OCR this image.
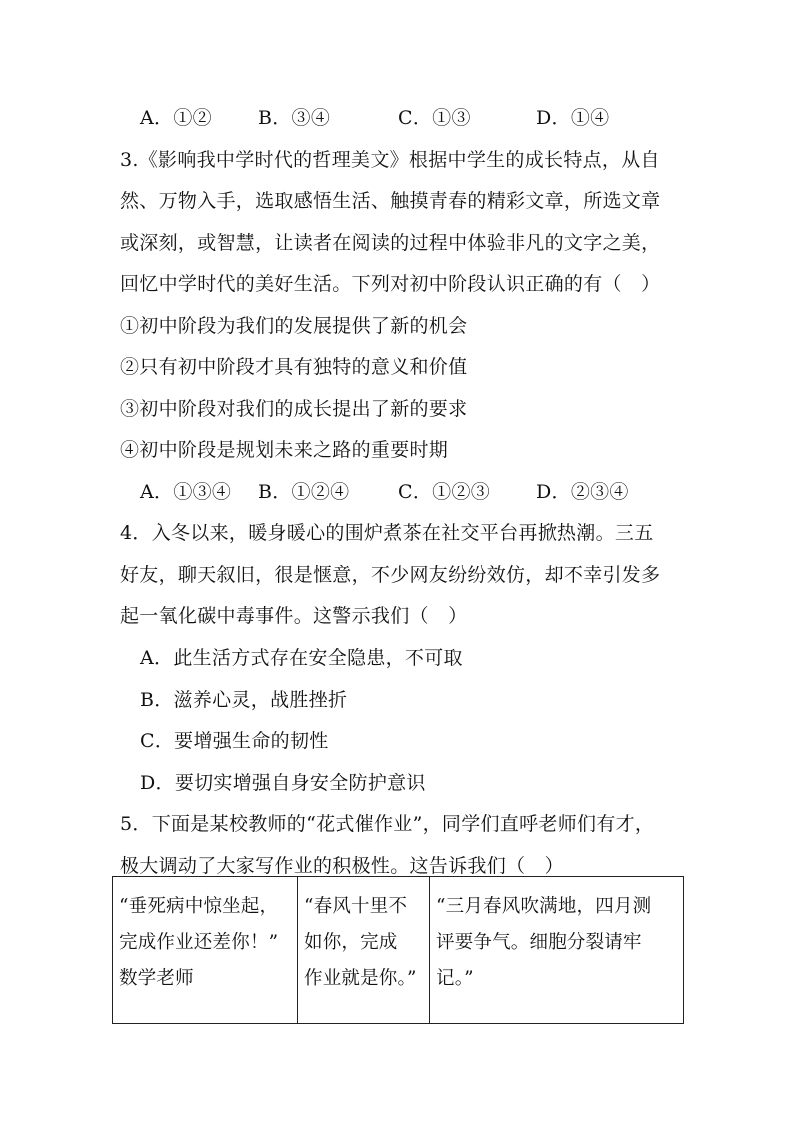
A．①② B．③④	C．①③	D．①④
3.《影响我中学时代的哲理美文》根据中学生的成长特点，从自
然、万物入手，选取感悟生活、触摸青春的精彩文章，所选文章
或深刻，或智慧，让读者在阅读的过程中体验非凡的文字之美，
回忆中学时代的美好生活。下列对初中阶段认识正确的有（　）
①初中阶段为我们的发展提供了新的机会
②只有初中阶段才具有独特的意义和价值
③初中阶段对我们的成长提出了新的要求
④初中阶段是规划未来之路的重要时期
A．①③④ B．①②④	C．①②③ D．②③④
4．入冬以来，暖身暖心的围炉煮茶在社交平台再掀热潮。三五
好友，聊天叙旧，很是惬意，不少网友纷纷效仿，却不幸引发多
起一氧化碳中毒事件。这警示我们（　）
A．此生活方式存在安全隐患，不可取
B．滋养心灵，战胜挫折
C．要增强生命的韧性
D．要切实增强自身安全防护意识
5．下面是某校教师的“花式催作业”，同学们直呼老师们有才，
极大调动了大家写作业的积极性。这告诉我们（　）
“垂死病中惊坐起，
完成作业还差你！”
数学老师

“春风十里不
如你，完成
作业就是你。”

“三月春风吹满地，四月测
评要争气。细胞分裂请牢
记。”
